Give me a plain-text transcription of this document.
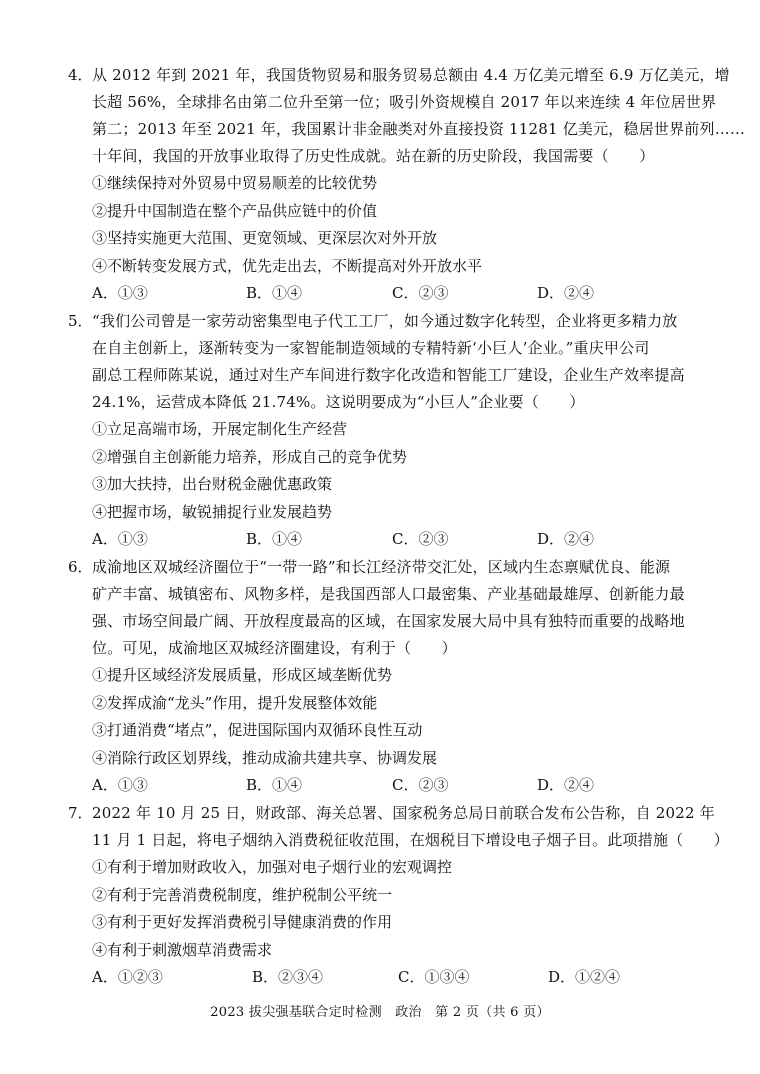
4． 从 2012 年到 2021 年，我国货物贸易和服务贸易总额由 4.4 万亿美元增至 6.9 万亿美元，增

长超 56%，全球排名由第二位升至第一位；吸引外资规模自 2017 年以来连续 4 年位居世界

第二；2013 年至 2021 年，我国累计非金融类对外直接投资 11281 亿美元，稳居世界前列……

十年间，我国的开放事业取得了历史性成就。站在新的历史阶段，我国需要（　　）

①继续保持对外贸易中贸易顺差的比较优势
②提升中国制造在整个产品供应链中的价值
③坚持实施更大范围、更宽领域、更深层次对外开放
④不断转变发展方式，优先走出去，不断提高对外开放水平
A．①③	B．①④	C．②③	D．②④
5． “我们公司曾是一家劳动密集型电子代工工厂，如今通过数字化转型，企业将更多精力放

在自主创新上，逐渐转变为一家智能制造领域的专精特新‘小巨人’企业。”重庆甲公司

副总工程师陈某说，通过对生产车间进行数字化改造和智能工厂建设，企业生产效率提高

24.1%，运营成本降低 21.74%。这说明要成为“小巨人”企业要（　　）

①立足高端市场，开展定制化生产经营
②增强自主创新能力培养，形成自己的竞争优势
③加大扶持，出台财税金融优惠政策
④把握市场，敏锐捕捉行业发展趋势
A．①③	B．①④	C．②③	D．②④
6． 成渝地区双城经济圈位于“一带一路”和长江经济带交汇处，区域内生态禀赋优良、能源

矿产丰富、城镇密布、风物多样，是我国西部人口最密集、产业基础最雄厚、创新能力最

强、市场空间最广阔、开放程度最高的区域，在国家发展大局中具有独特而重要的战略地

位。可见，成渝地区双城经济圈建设，有利于（　　）

①提升区域经济发展质量，形成区域垄断优势
②发挥成渝“龙头”作用，提升发展整体效能
③打通消费“堵点”，促进国际国内双循环良性互动
④消除行政区划界线，推动成渝共建共享、协调发展
A．①③	B．①④	C．②③	D．②④
7． 2022 年 10 月 25 日，财政部、海关总署、国家税务总局日前联合发布公告称，自 2022 年

11 月 1 日起，将电子烟纳入消费税征收范围，在烟税目下增设电子烟子目。此项措施（　　）

①有利于增加财政收入，加强对电子烟行业的宏观调控
②有利于完善消费税制度，维护税制公平统一
③有利于更好发挥消费税引导健康消费的作用
④有利于刺激烟草消费需求
A．①②③	B．②③④	C．①③④	D．①②④
2023 拔尖强基联合定时检测　政治　第 2 页（共 6 页）
